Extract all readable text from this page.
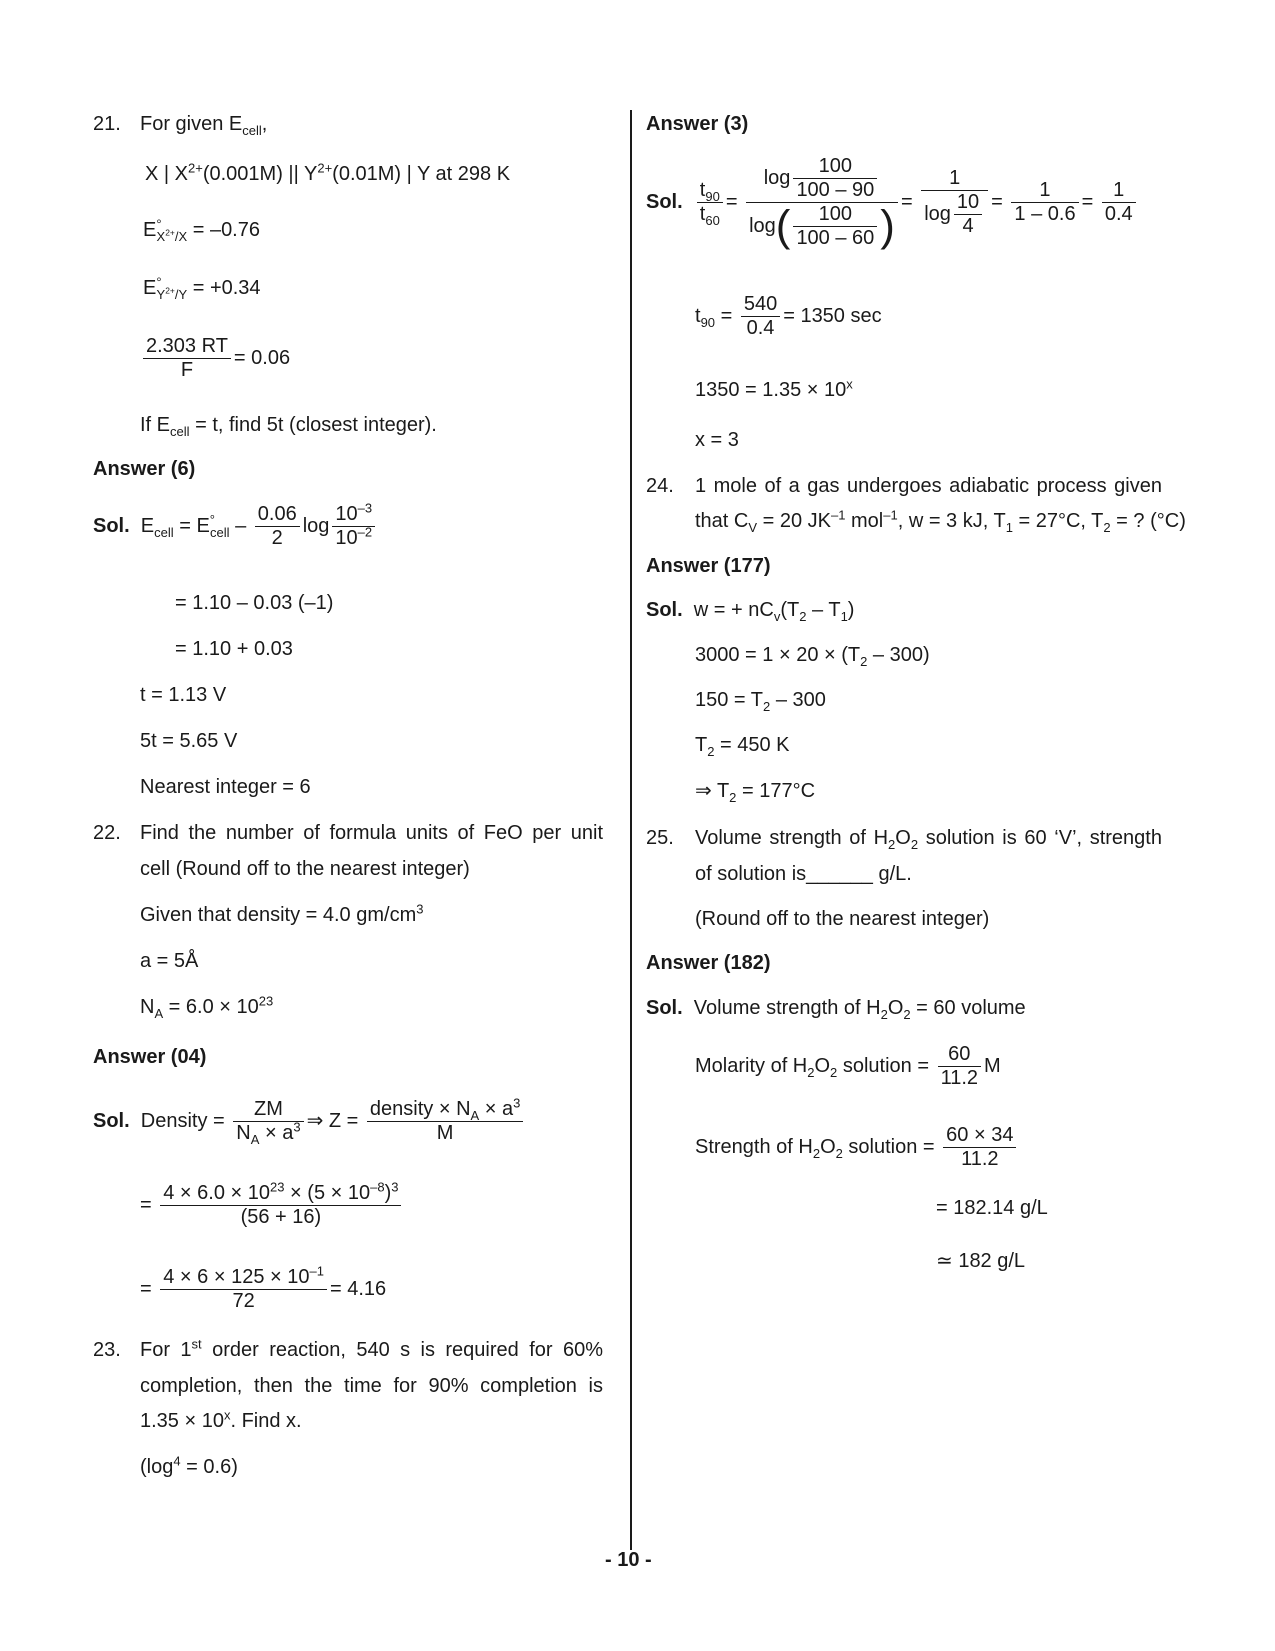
21. For given $E_{cell}$,
X | $X^{2+}(0.001M)$ || $Y^{2+}(0.01M)$ | Y at 298 K
$E^\circ_{X^{2+}/X} = -0.76$
$E^\circ_{Y^{2+}/Y} = +0.34$
$\frac{2.303 RT}{F} = 0.06$
If $E_{cell} = t$, find 5t (closest integer).
Answer (6)
Sol. $E_{cell} = E^\circ_{cell} - \frac{0.06}{2}$ $\log \frac{10^{-3}}{10^{-2}}$
= 1.10 – 0.03 (–1)
= 1.10 + 0.03
t = 1.13 V
5t = 5.65 V
Nearest integer = 6
22. Find the number of formula units of FeO per unit
cell (Round off to the nearest integer)
Given that density = 4.0 $gm/cm^3$
a = 5Å
$N_A = 6.0 \times 10^{23}$
Answer (04)
Sol. Density = $\frac{ZM}{N_A \times a^3}$ ⇒ $Z = \frac{density \times N_A \times a^3}{M}$
= $\frac{4 \times 6.0 \times 10^{23} \times (5 \times 10^{-8})^3}{(56 + 16)}$
= $\frac{4 \times 6 \times 125 \times 10^{-1}}{72} = 4.16$
23. For 1st order reaction, 540 s is required for 60%
completion, then the time for 90% completion is
$1.35 \times 10^x$. Find x.
$(\log^4 = 0.6)$
Answer (3)
Sol. $\frac{t_{90}}{t_{60}} = \frac{\log \frac{100}{100 - 90}}{\log( \frac{100}{100 - 60} )} = \frac{1}{\log \frac{10}{4}} = \frac{1}{1 - 0.6} = \frac{1}{0.4}$
$t_{90} = \frac{540}{0.4} = 1350$ sec
$1350 = 1.35 \times 10^x$
x = 3
24. 1 mole of a gas undergoes adiabatic process given
that $C_V = 20$ $JK^{-1}$ mol$^{-1}$, w = 3 kJ, $T_1 = 27^\circ C$, $T_2$ = ? (°C)
Answer (177)
Sol. w = + $nC_v(T_2 - T_1)$
$3000 = 1 \times 20 \times (T_2 - 300)$
$150 = T_2 - 300$
$T_2 = 450$ K
⇒ $T_2 = 177^\circ C$
25. Volume strength of $H_2O_2$ solution is 60 ‘V’, strength
of solution is______ g/L.
(Round off to the nearest integer)
Answer (182)
Sol. Volume strength of $H_2O_2 = 60$ volume
Molarity of $H_2O_2$ solution = $\frac{60}{11.2}$ M
Strength of $H_2O_2$ solution = $\frac{60 \times 34}{11.2}$
= 182.14 g/L
≃ 182 g/L
- 10 -
